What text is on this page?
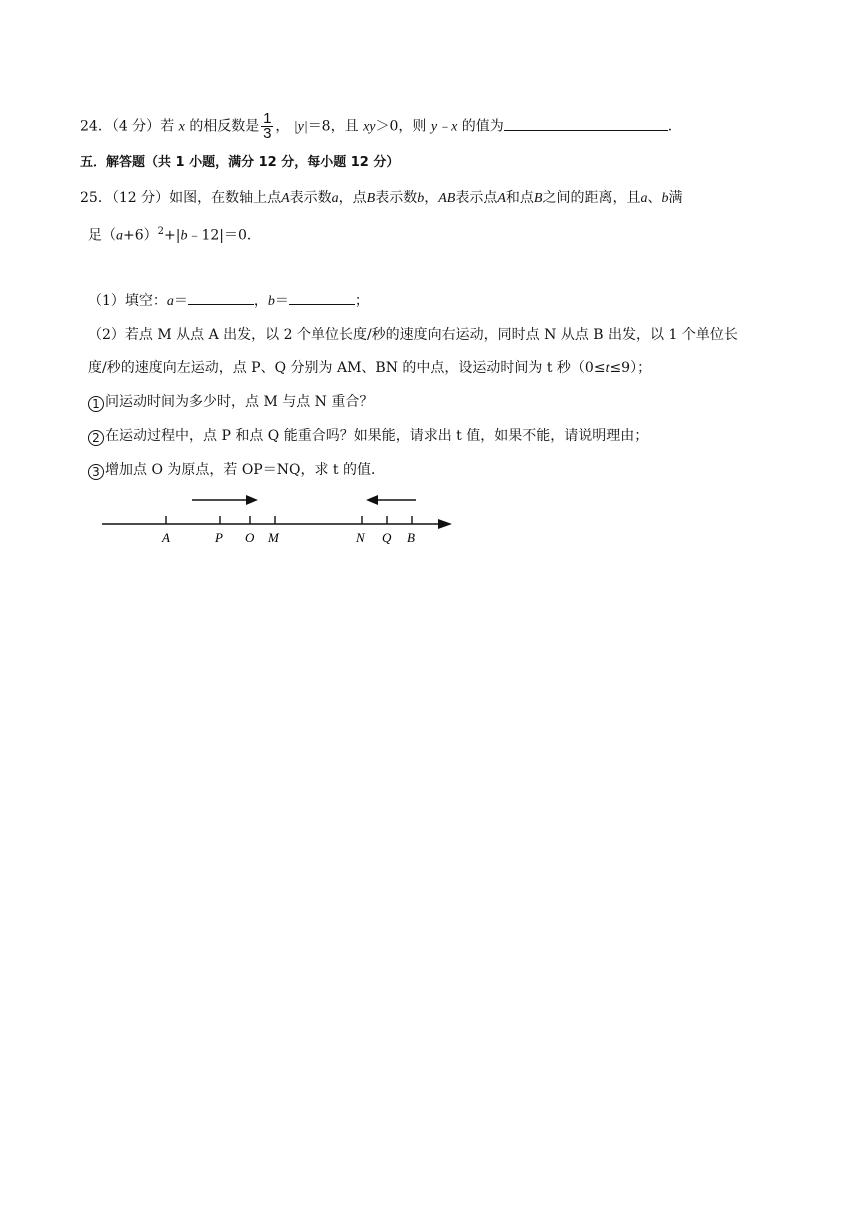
24．（4 分）若 x 的相反数是 $\frac{1}{3}$ ， |y|＝8，且 xy＞0，则 y﹣x 的值为	．
五．解答题（共 1 小题，满分 12 分，每小题 12 分）
25．（12 分）如图，在数轴上点A表示数a，点B表示数b，AB表示点A和点B之间的距离，且a、b满
足$(a+6)^2+|b﹣12|=0$．
（1）填空：a＝	，b＝	；
（2）若点 M 从点 A 出发，以 2 个单位长度/秒的速度向右运动，同时点 N 从点 B 出发，以 1 个单位长
度/秒的速度向左运动，点 P、Q 分别为 AM、BN 的中点，设运动时间为 t 秒（0≤t≤9）；
1 问运动时间为多少时，点 M 与点 N 重合？
2 在运动过程中，点 P 和点 Q 能重合吗？如果能，请求出 t 值，如果不能，请说明理由；
3 增加点 O 为原点，若 OP＝NQ，求 t 的值．
A	P O M	N Q B
